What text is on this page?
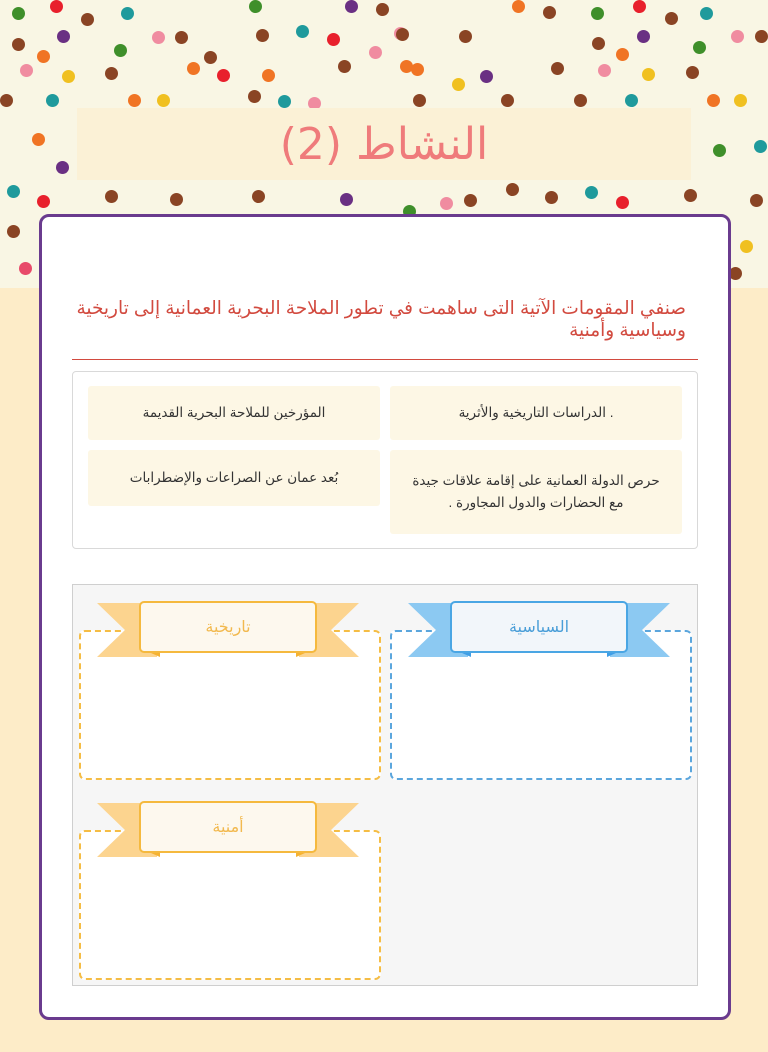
النشاط (2)
صنفي المقومات الآتية التى ساهمت في تطور الملاحة البحرية العمانية إلى تاريخية وسياسية وأمنية
. الدراسات التاريخية والأثرية
المؤرخين للملاحة البحرية القديمة
حرص الدولة العمانية على إقامة علاقات جيدة مع الحضارات والدول المجاورة .
بُعد عمان عن الصراعات والإضطرابات
السياسية
تاريخية
أمنية
